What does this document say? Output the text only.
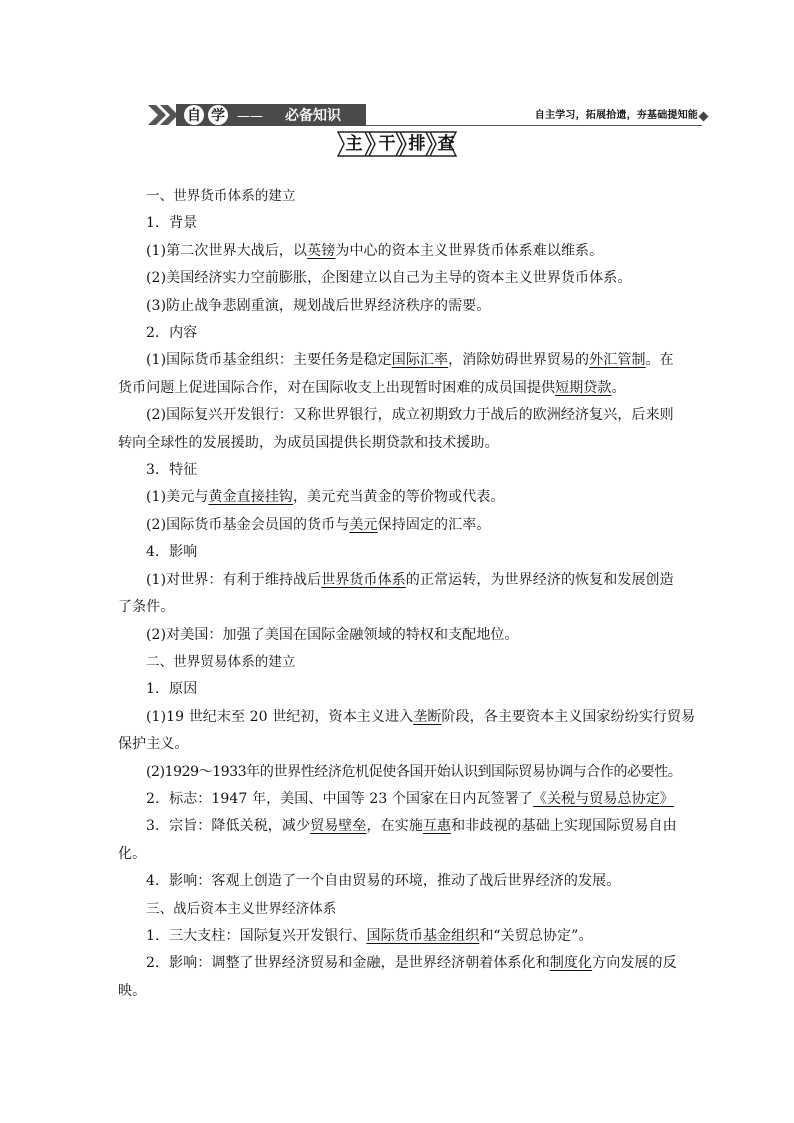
自 学 —— 必备知识	自主学习，拓展拾遗，夯基础提知能
主 干 排 查

一、世界货币体系的建立

1．背景

(1)第二次世界大战后，以英镑为中心的资本主义世界货币体系难以维系。

(2)美国经济实力空前膨胀，企图建立以自己为主导的资本主义世界货币体系。

(3)防止战争悲剧重演，规划战后世界经济秩序的需要。

2．内容

(1)国际货币基金组织：主要任务是稳定国际汇率，消除妨碍世界贸易的外汇管制。在

货币问题上促进国际合作，对在国际收支上出现暂时困难的成员国提供短期贷款。

(2)国际复兴开发银行：又称世界银行，成立初期致力于战后的欧洲经济复兴，后来则

转向全球性的发展援助，为成员国提供长期贷款和技术援助。

3．特征

(1)美元与黄金直接挂钩，美元充当黄金的等价物或代表。

(2)国际货币基金会员国的货币与美元保持固定的汇率。

4．影响

(1)对世界：有利于维持战后世界货币体系的正常运转，为世界经济的恢复和发展创造

了条件。

(2)对美国：加强了美国在国际金融领域的特权和支配地位。

二、世界贸易体系的建立

1．原因

(1)19 世纪末至 20 世纪初，资本主义进入垄断阶段，各主要资本主义国家纷纷实行贸易

保护主义。

(2)1929～1933年的世界性经济危机促使各国开始认识到国际贸易协调与合作的必要性。

2．标志：1947 年，美国、中国等 23 个国家在日内瓦签署了《关税与贸易总协定》

3．宗旨：降低关税，减少贸易壁垒，在实施互惠和非歧视的基础上实现国际贸易自由

化。

4．影响：客观上创造了一个自由贸易的环境，推动了战后世界经济的发展。

三、战后资本主义世界经济体系

1．三大支柱：国际复兴开发银行、国际货币基金组织和“关贸总协定”。

2．影响：调整了世界经济贸易和金融，是世界经济朝着体系化和制度化方向发展的反

映。
